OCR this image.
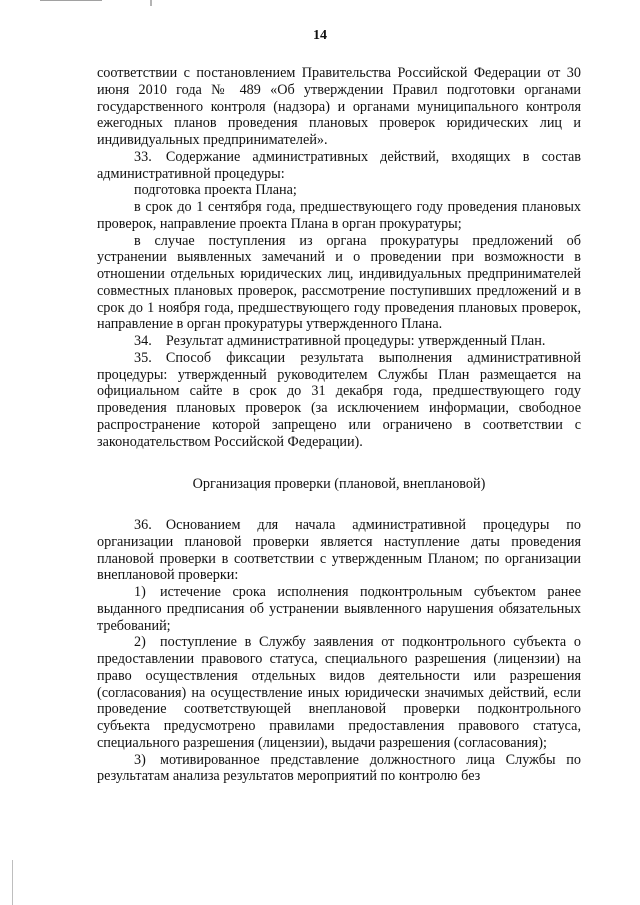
14

соответствии с постановлением Правительства Российской Федерации от 30 июня 2010 года № 489 «Об утверждении Правил подготовки органами государственного контроля (надзора) и органами муниципального контроля ежегодных планов проведения плановых проверок юридических лиц и индивидуальных предпринимателей».

33. Содержание административных действий, входящих в состав административной процедуры:

подготовка проекта Плана;

в срок до 1 сентября года, предшествующего году проведения плановых проверок, направление проекта Плана в орган прокуратуры;

в случае поступления из органа прокуратуры предложений об устранении выявленных замечаний и о проведении при возможности в отношении отдельных юридических лиц, индивидуальных предпринимателей совместных плановых проверок, рассмотрение поступивших предложений и в срок до 1 ноября года, предшествующего году проведения плановых проверок, направление в орган прокуратуры утвержденного Плана.

34. Результат административной процедуры: утвержденный План.

35. Способ фиксации результата выполнения административной процедуры: утвержденный руководителем Службы План размещается на официальном сайте в срок до 31 декабря года, предшествующего году проведения плановых проверок (за исключением информации, свободное распространение которой запрещено или ограничено в соответствии с законодательством Российской Федерации).

Организация проверки (плановой, внеплановой)

36. Основанием для начала административной процедуры по организации плановой проверки является наступление даты проведения плановой проверки в соответствии с утвержденным Планом; по организации внеплановой проверки:

1) истечение срока исполнения подконтрольным субъектом ранее выданного предписания об устранении выявленного нарушения обязательных требований;

2) поступление в Службу заявления от подконтрольного субъекта о предоставлении правового статуса, специального разрешения (лицензии) на право осуществления отдельных видов деятельности или разрешения (согласования) на осуществление иных юридически значимых действий, если проведение соответствующей внеплановой проверки подконтрольного субъекта предусмотрено правилами предоставления правового статуса, специального разрешения (лицензии), выдачи разрешения (согласования);

3) мотивированное представление должностного лица Службы по результатам анализа результатов мероприятий по контролю без
